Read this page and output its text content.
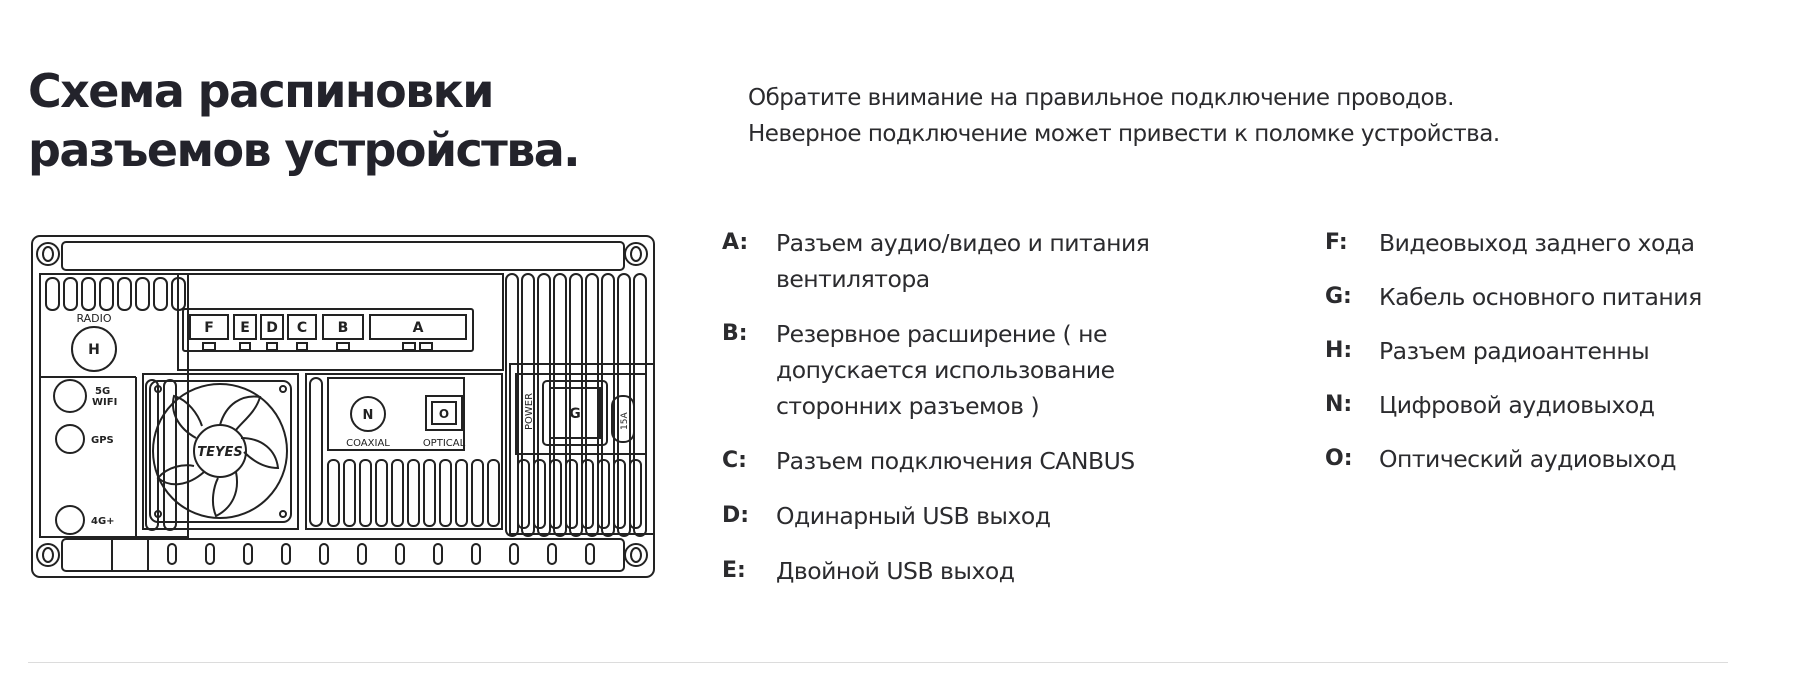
Схема распиновки
разъемов устройства.
Обратите внимание на правильное подключение проводов.
Неверное подключение может привести к поломке устройства.
RADIO
H
5G
WIFI
GPS
4G+
F E D C B	A
N	O
COAXIAL	OPTICAL
POWER G	15A
TEYES
A:	Разъем аудио/видео и питания вентилятора
B:	Резервное расширение ( не допускается использование сторонних разъемов )
C:	Разъем подключения CANBUS
D:	Одинарный USB выход
E:	Двойной USB выход
F:	Видеовыход заднего хода
G:	Кабель основного питания
H:	Разъем радиоантенны
N:	Цифровой аудиовыход
O:	Оптический аудиовыход
